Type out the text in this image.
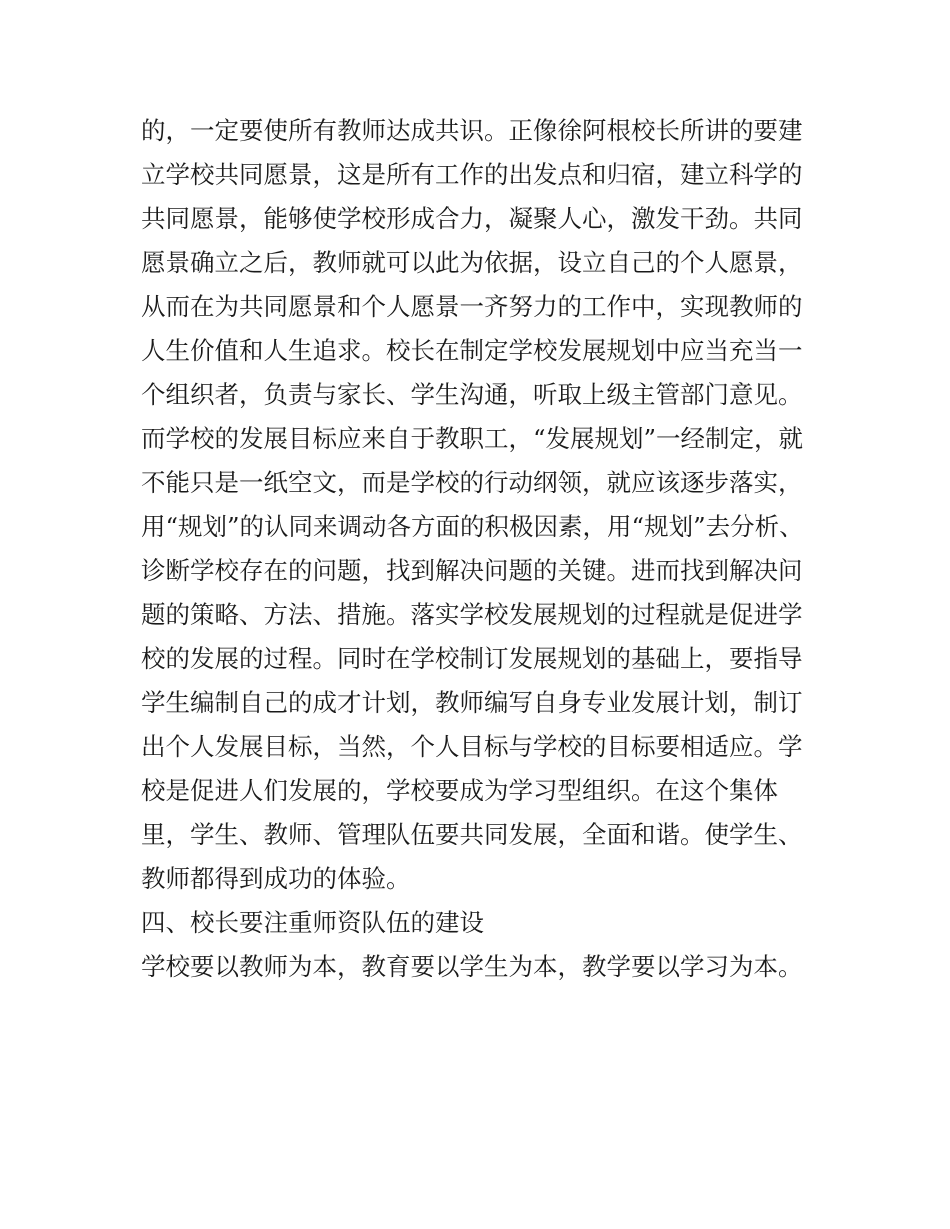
的，一定要使所有教师达成共识。正像徐阿根校长所讲的要建
立学校共同愿景，这是所有工作的出发点和归宿，建立科学的
共同愿景，能够使学校形成合力，凝聚人心，激发干劲。共同
愿景确立之后，教师就可以此为依据，设立自己的个人愿景，
从而在为共同愿景和个人愿景一齐努力的工作中，实现教师的
人生价值和人生追求。校长在制定学校发展规划中应当充当一
个组织者，负责与家长、学生沟通，听取上级主管部门意见。
而学校的发展目标应来自于教职工，“发展规划”一经制定，就
不能只是一纸空文，而是学校的行动纲领，就应该逐步落实，
用“规划”的认同来调动各方面的积极因素，用“规划”去分析、
诊断学校存在的问题，找到解决问题的关键。进而找到解决问
题的策略、方法、措施。落实学校发展规划的过程就是促进学
校的发展的过程。同时在学校制订发展规划的基础上，要指导
学生编制自己的成才计划，教师编写自身专业发展计划，制订
出个人发展目标，当然，个人目标与学校的目标要相适应。学
校是促进人们发展的，学校要成为学习型组织。在这个集体
里，学生、教师、管理队伍要共同发展，全面和谐。使学生、
教师都得到成功的体验。
四、校长要注重师资队伍的建设
学校要以教师为本，教育要以学生为本，教学要以学习为本。
